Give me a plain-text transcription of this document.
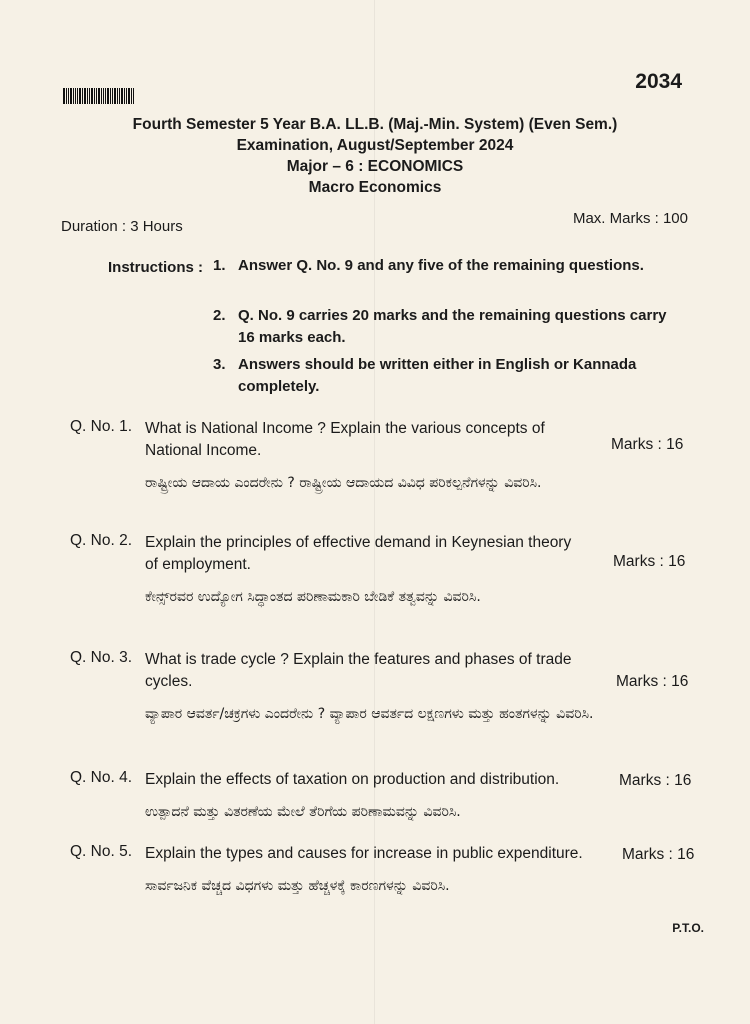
2034
Fourth Semester 5 Year B.A. LL.B. (Maj.-Min. System) (Even Sem.)
Examination, August/September 2024
Major – 6 : ECONOMICS
Macro Economics
Duration : 3 Hours	Max. Marks : 100
Instructions : 1. Answer Q. No. 9 and any five of the remaining questions.
2. Q. No. 9 carries 20 marks and the remaining questions carry 16 marks each.
3. Answers should be written either in English or Kannada completely.
Q. No. 1. What is National Income ? Explain the various concepts of National Income.
ರಾಷ್ಟ್ರೀಯ ಆದಾಯ ಎಂದರೇನು ? ರಾಷ್ಟ್ರೀಯ ಆದಾಯದ ವಿವಿಧ ಪರಿಕಲ್ಪನೆಗಳನ್ನು ವಿವರಿಸಿ.
Marks : 16
Q. No. 2. Explain the principles of effective demand in Keynesian theory of employment.
ಕೇನ್ಸ್‌ರವರ ಉದ್ಯೋಗ ಸಿದ್ಧಾಂತದ ಪರಿಣಾಮಕಾರಿ ಬೇಡಿಕೆ ತತ್ವವನ್ನು ವಿವರಿಸಿ.
Marks : 16
Q. No. 3. What is trade cycle ? Explain the features and phases of trade cycles.
ವ್ಯಾಪಾರ ಆವರ್ತ/ಚಕ್ರಗಳು ಎಂದರೇನು ? ವ್ಯಾಪಾರ ಆವರ್ತದ ಲಕ್ಷಣಗಳು ಮತ್ತು ಹಂತಗಳನ್ನು ವಿವರಿಸಿ.
Marks : 16
Q. No. 4. Explain the effects of taxation on production and distribution.
ಉತ್ಪಾದನೆ ಮತ್ತು ವಿತರಣೆಯ ಮೇಲೆ ತೆರಿಗೆಯ ಪರಿಣಾಮವನ್ನು ವಿವರಿಸಿ.
Marks : 16
Q. No. 5. Explain the types and causes for increase in public expenditure.
ಸಾರ್ವಜನಿಕ ವೆಚ್ಚದ ವಿಧಗಳು ಮತ್ತು ಹೆಚ್ಚಳಕ್ಕೆ ಕಾರಣಗಳನ್ನು ವಿವರಿಸಿ.
Marks : 16
P.T.O.
